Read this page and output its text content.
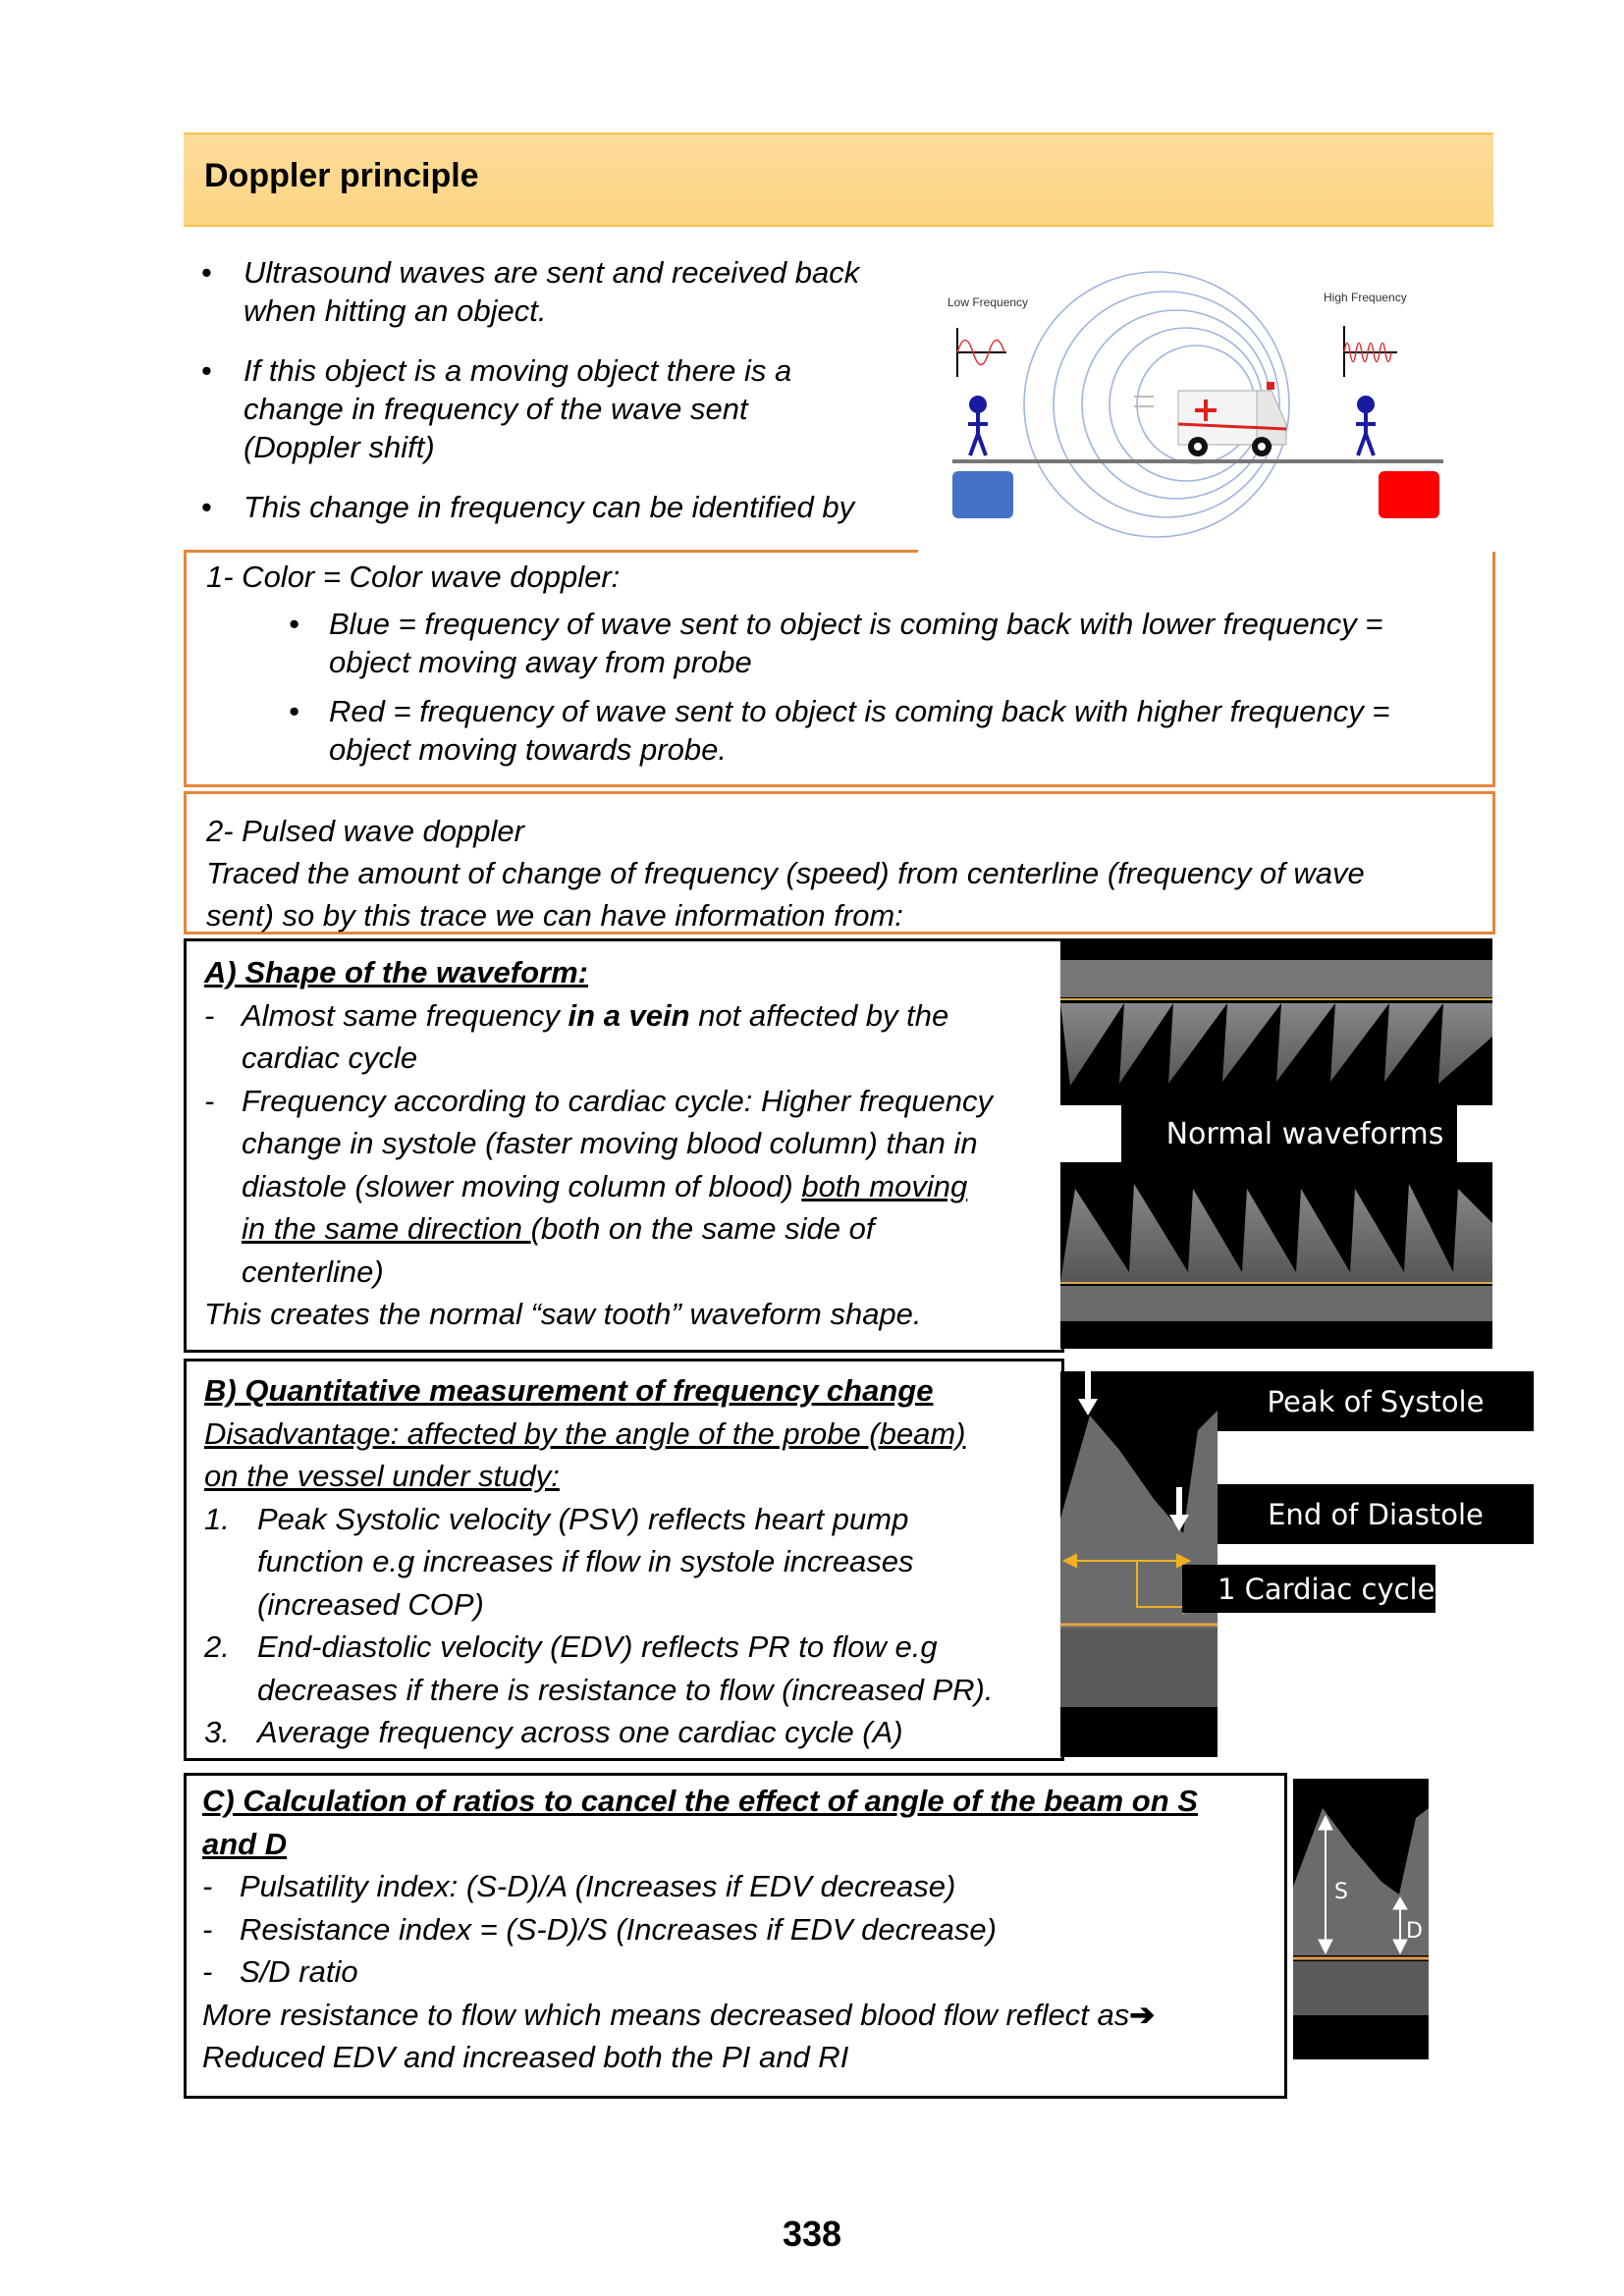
Doppler principle
• Ultrasound waves are sent and received back
when hitting an object.
• If this object is a moving object there is a
change in frequency of the wave sent
(Doppler shift)
• This change in frequency can be identified by
Low Frequency	High Frequency
1- Color = Color wave doppler:
• Blue = frequency of wave sent to object is coming back with lower frequency =
object moving away from probe
• Red = frequency of wave sent to object is coming back with higher frequency =
object moving towards probe.
2- Pulsed wave doppler
Traced the amount of change of frequency (speed) from centerline (frequency of wave
sent) so by this trace we can have information from:
A) Shape of the waveform:
- Almost same frequency in a vein not affected by the
cardiac cycle
- Frequency according to cardiac cycle: Higher frequency
change in systole (faster moving blood column) than in
diastole (slower moving column of blood) both moving
in the same direction (both on the same side of
centerline)
This creates the normal “saw tooth” waveform shape.
Normal waveforms
B) Quantitative measurement of frequency change
Disadvantage: affected by the angle of the probe (beam)
on the vessel under study:
1. Peak Systolic velocity (PSV) reflects heart pump
function e.g increases if flow in systole increases
(increased COP)
2. End-diastolic velocity (EDV) reflects PR to flow e.g
decreases if there is resistance to flow (increased PR).
3. Average frequency across one cardiac cycle (A)
Peak of Systole
End of Diastole
1 Cardiac cycle
C) Calculation of ratios to cancel the effect of angle of the beam on S
and D
- Pulsatility index: (S-D)/A (Increases if EDV decrease)
- Resistance index = (S-D)/S (Increases if EDV decrease)
- S/D ratio
More resistance to flow which means decreased blood flow reflect as➔
Reduced EDV and increased both the PI and RI
S
D
338
